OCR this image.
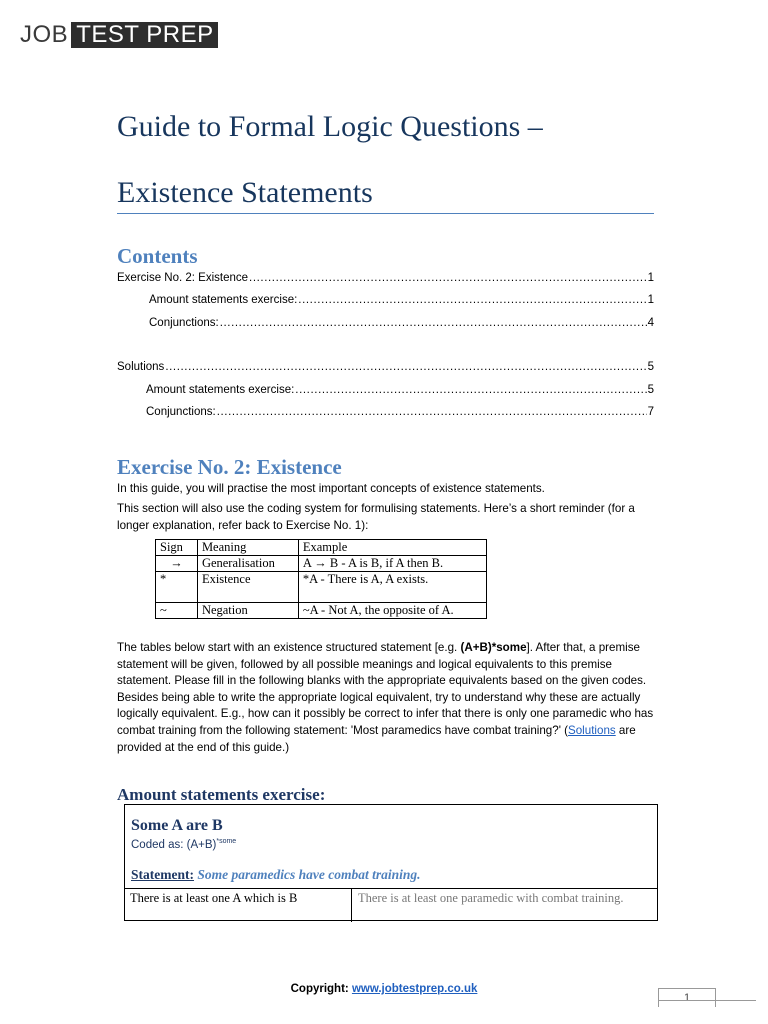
JOB TEST PREP
Guide to Formal Logic Questions –
Existence Statements
Contents
Exercise No. 2: Existence .....	1
Amount statements exercise: .....	1
Conjunctions: .....	4
Solutions .....	5
Amount statements exercise: .....	5
Conjunctions: .....	7
Exercise No. 2: Existence
In this guide, you will practise the most important concepts of existence statements.
This section will also use the coding system for formulising statements. Here’s a short reminder (for a longer explanation, refer back to Exercise No. 1):
Sign	Meaning	Example
→	Generalisation	A → B - A is B, if A then B.
*	Existence	*A - There is A, A exists.
~	Negation	~A - Not A, the opposite of A.
The tables below start with an existence structured statement [e.g. (A+B)*some]. After that, a premise statement will be given, followed by all possible meanings and logical equivalents to this premise statement. Please fill in the following blanks with the appropriate equivalents based on the given codes. Besides being able to write the appropriate logical equivalent, try to understand why these are actually logically equivalent. E.g., how can it possibly be correct to infer that there is only one paramedic who has combat training from the following statement: 'Most paramedics have combat training?' (Solutions are provided at the end of this guide.)
Amount statements exercise:
Some A are B
Coded as: $(A+B)^{*some}$
Statement: Some paramedics have combat training.
There is at least one A which is B	There is at least one paramedic with combat training.
Copyright: www.jobtestprep.co.uk
1
